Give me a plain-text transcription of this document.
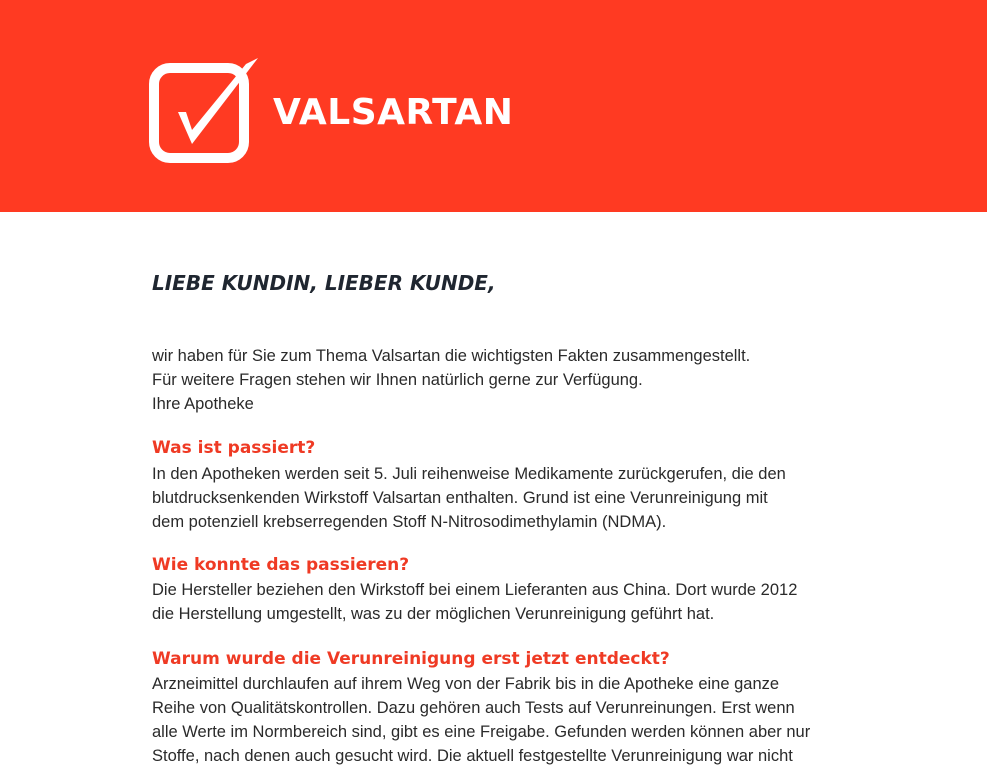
VALSARTAN
LIEBE KUNDIN, LIEBER KUNDE,
wir haben für Sie zum Thema Valsartan die wichtigsten Fakten zusammengestellt.
Für weitere Fragen stehen wir Ihnen natürlich gerne zur Verfügung.
Ihre Apotheke
Was ist passiert?
In den Apotheken werden seit 5. Juli reihenweise Medikamente zurückgerufen, die den
blutdrucksenkenden Wirkstoff Valsartan enthalten. Grund ist eine Verunreinigung mit
dem potenziell krebserregenden Stoff N-Nitrosodimethylamin (NDMA).
Wie konnte das passieren?
Die Hersteller beziehen den Wirkstoff bei einem Lieferanten aus China. Dort wurde 2012
die Herstellung umgestellt, was zu der möglichen Verunreinigung geführt hat.
Warum wurde die Verunreinigung erst jetzt entdeckt?
Arzneimittel durchlaufen auf ihrem Weg von der Fabrik bis in die Apotheke eine ganze
Reihe von Qualitätskontrollen. Dazu gehören auch Tests auf Verunreinungen. Erst wenn
alle Werte im Normbereich sind, gibt es eine Freigabe. Gefunden werden können aber nur
Stoffe, nach denen auch gesucht wird. Die aktuell festgestellte Verunreinigung war nicht
